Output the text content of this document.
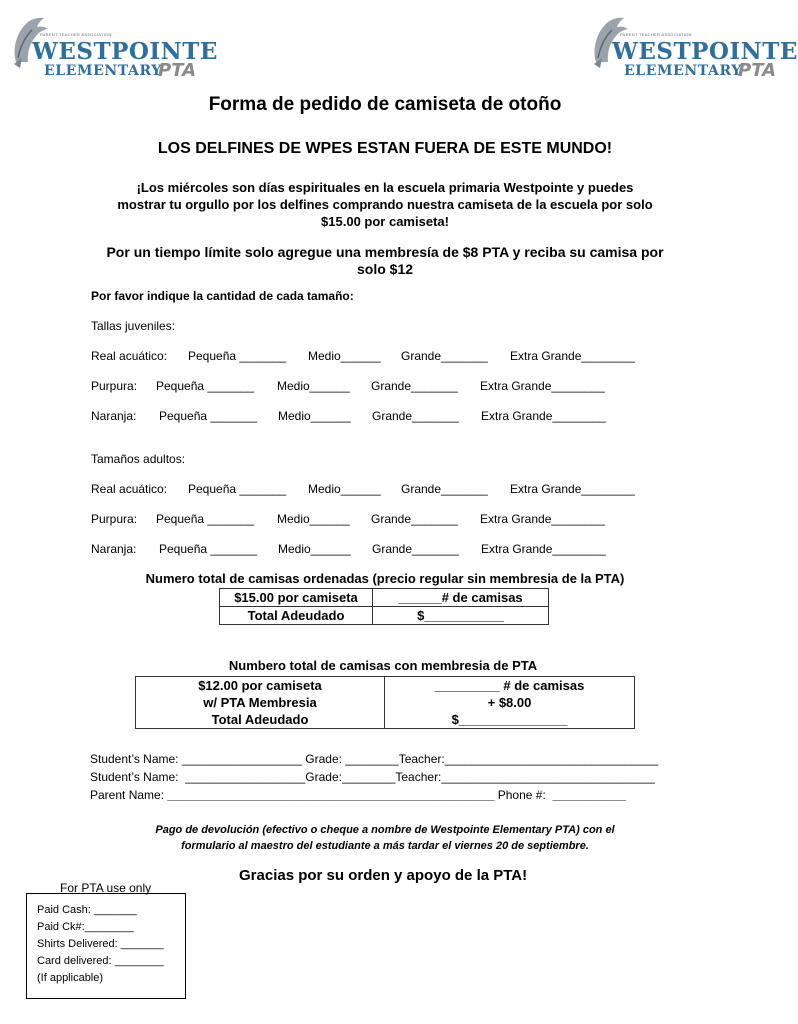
PARENT TEACHER ASSOCIATION
WESTPOINTE
ELEMENTARY
PTA
PARENT TEACHER ASSOCIATION
WESTPOINTE
ELEMENTARY
PTA
Forma de pedido de camiseta de otoño
LOS DELFINES DE WPES ESTAN FUERA DE ESTE MUNDO!
¡Los miércoles son días espirituales en la escuela primaria Westpointe y puedes
mostrar tu orgullo por los delfines comprando nuestra camiseta de la escuela por solo
$15.00 por camiseta!
Por un tiempo límite solo agregue una membresía de $8 PTA y reciba su camisa por
solo $12
Por favor indique la cantidad de cada tamaño:
Tallas juveniles:
Real acuático: Pequeña _______ Medio______ Grande_______ Extra Grande________
Purpura: Pequeña _______ Medio______ Grande_______ Extra Grande________
Naranja: Pequeña _______ Medio______ Grande_______ Extra Grande________
Tamaños adultos:
Real acuático: Pequeña _______ Medio______ Grande_______ Extra Grande________
Purpura: Pequeña _______ Medio______ Grande_______ Extra Grande________
Naranja: Pequeña _______ Medio______ Grande_______ Extra Grande________
Numero total de camisas ordenadas (precio regular sin membresia de la PTA)
$15.00 por camiseta	______# de camisas
Total Adeudado	$___________
Numbero total de camisas con membresia de PTA
$12.00 por camiseta	_________ # de camisas
w/ PTA Membresia	+ $8.00
Total Adeudado	$_______________
Student’s Name: __________________ Grade: ________Teacher:________________________________
Student’s Name:  __________________Grade:________Teacher:________________________________
Parent Name: _________________________________________________ Phone #:  ___________
Pago de devolución (efectivo o cheque a nombre de Westpointe Elementary PTA) con el
formulario al maestro del estudiante a más tardar el viernes 20 de septiembre.
Gracias por su orden y apoyo de la PTA!
For PTA use only
Paid Cash: _______
Paid Ck#:________
Shirts Delivered: _______
Card delivered: ________
(If applicable)
